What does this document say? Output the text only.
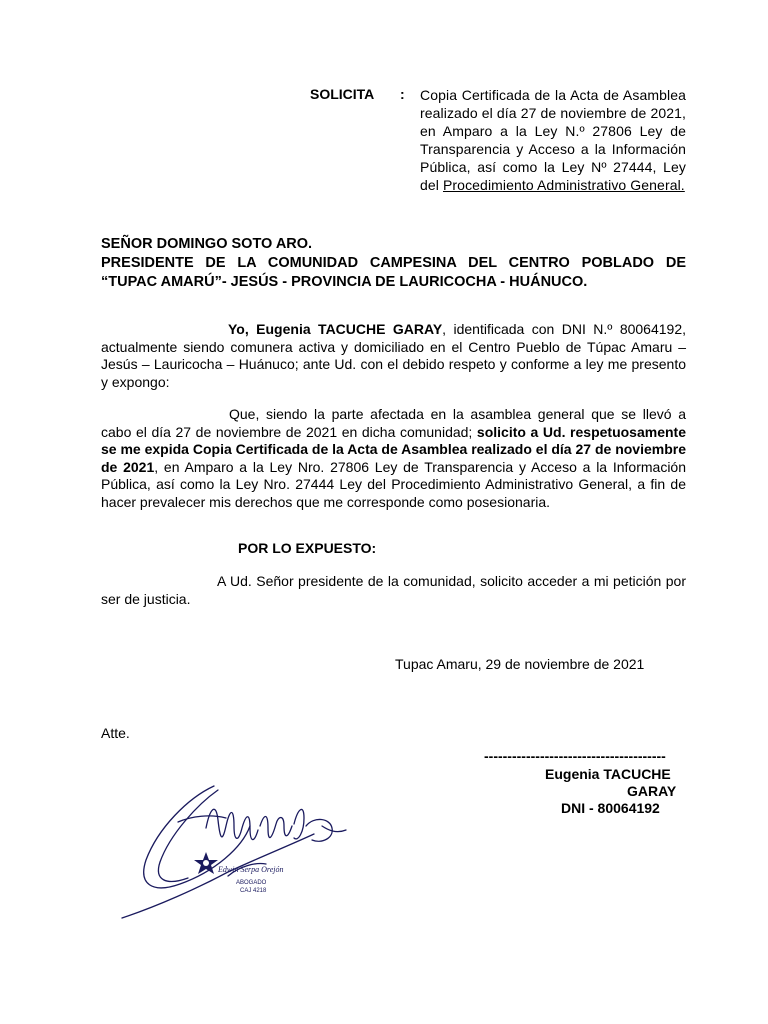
SOLICITA : Copia Certificada de la Acta de Asamblea realizado el día 27 de noviembre de 2021, en Amparo a la Ley N.º 27806 Ley de Transparencia y Acceso a la Información Pública, así como la Ley Nº 27444, Ley del Procedimiento Administrativo General.
SEÑOR DOMINGO SOTO ARO.
PRESIDENTE DE LA COMUNIDAD CAMPESINA DEL CENTRO POBLADO DE
“TUPAC AMARÚ”- JESÚS - PROVINCIA DE LAURICOCHA - HUÁNUCO.
Yo, Eugenia TACUCHE GARAY, identificada con DNI N.º 80064192, actualmente siendo comunera activa y domiciliado en el Centro Pueblo de Túpac Amaru – Jesús – Lauricocha – Huánuco; ante Ud. con el debido respeto y conforme a ley me presento y expongo:
Que, siendo la parte afectada en la asamblea general que se llevó a cabo el día 27 de noviembre de 2021 en dicha comunidad; solicito a Ud. respetuosamente se me expida Copia Certificada de la Acta de Asamblea realizado el día 27 de noviembre de 2021, en Amparo a la Ley Nro. 27806 Ley de Transparencia y Acceso a la Información Pública, así como la Ley Nro. 27444 Ley del Procedimiento Administrativo General, a fin de hacer prevalecer mis derechos que me corresponde como posesionaria.
POR LO EXPUESTO:
A Ud. Señor presidente de la comunidad, solicito acceder a mi petición por ser de justicia.
Tupac Amaru, 29 de noviembre de 2021
Atte.
---------------------------------------
Eugenia TACUCHE
GARAY
DNI - 80064192
Edwin Serpa Orejón
ABOGADO
CAJ 4218
